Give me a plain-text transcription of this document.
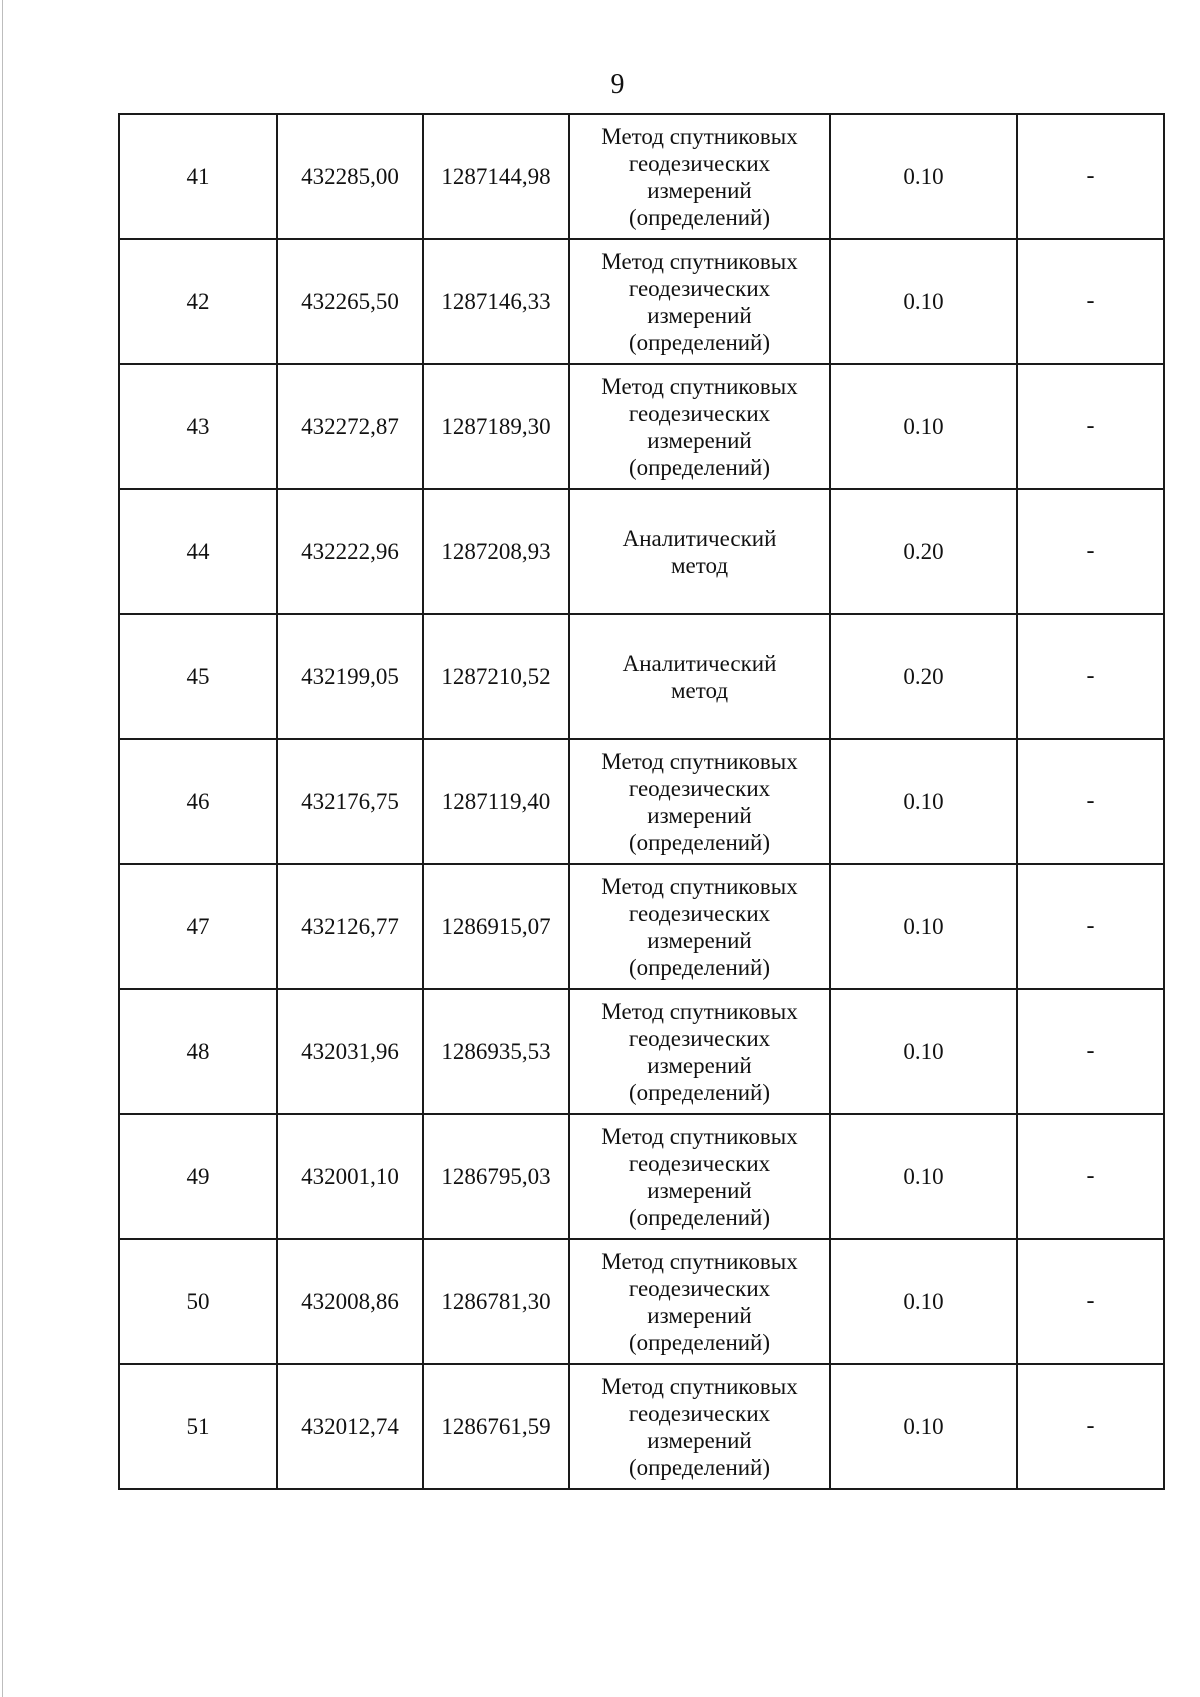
9
41	432285,00	1287144,98	Метод спутниковых
геодезических
измерений
(определений)	0.10	-
42	432265,50	1287146,33	Метод спутниковых
геодезических
измерений
(определений)	0.10	-
43	432272,87	1287189,30	Метод спутниковых
геодезических
измерений
(определений)	0.10	-
44	432222,96	1287208,93	Аналитический
метод	0.20	-
45	432199,05	1287210,52	Аналитический
метод	0.20	-
46	432176,75	1287119,40	Метод спутниковых
геодезических
измерений
(определений)	0.10	-
47	432126,77	1286915,07	Метод спутниковых
геодезических
измерений
(определений)	0.10	-
48	432031,96	1286935,53	Метод спутниковых
геодезических
измерений
(определений)	0.10	-
49	432001,10	1286795,03	Метод спутниковых
геодезических
измерений
(определений)	0.10	-
50	432008,86	1286781,30	Метод спутниковых
геодезических
измерений
(определений)	0.10	-
51	432012,74	1286761,59	Метод спутниковых
геодезических
измерений
(определений)	0.10	-
